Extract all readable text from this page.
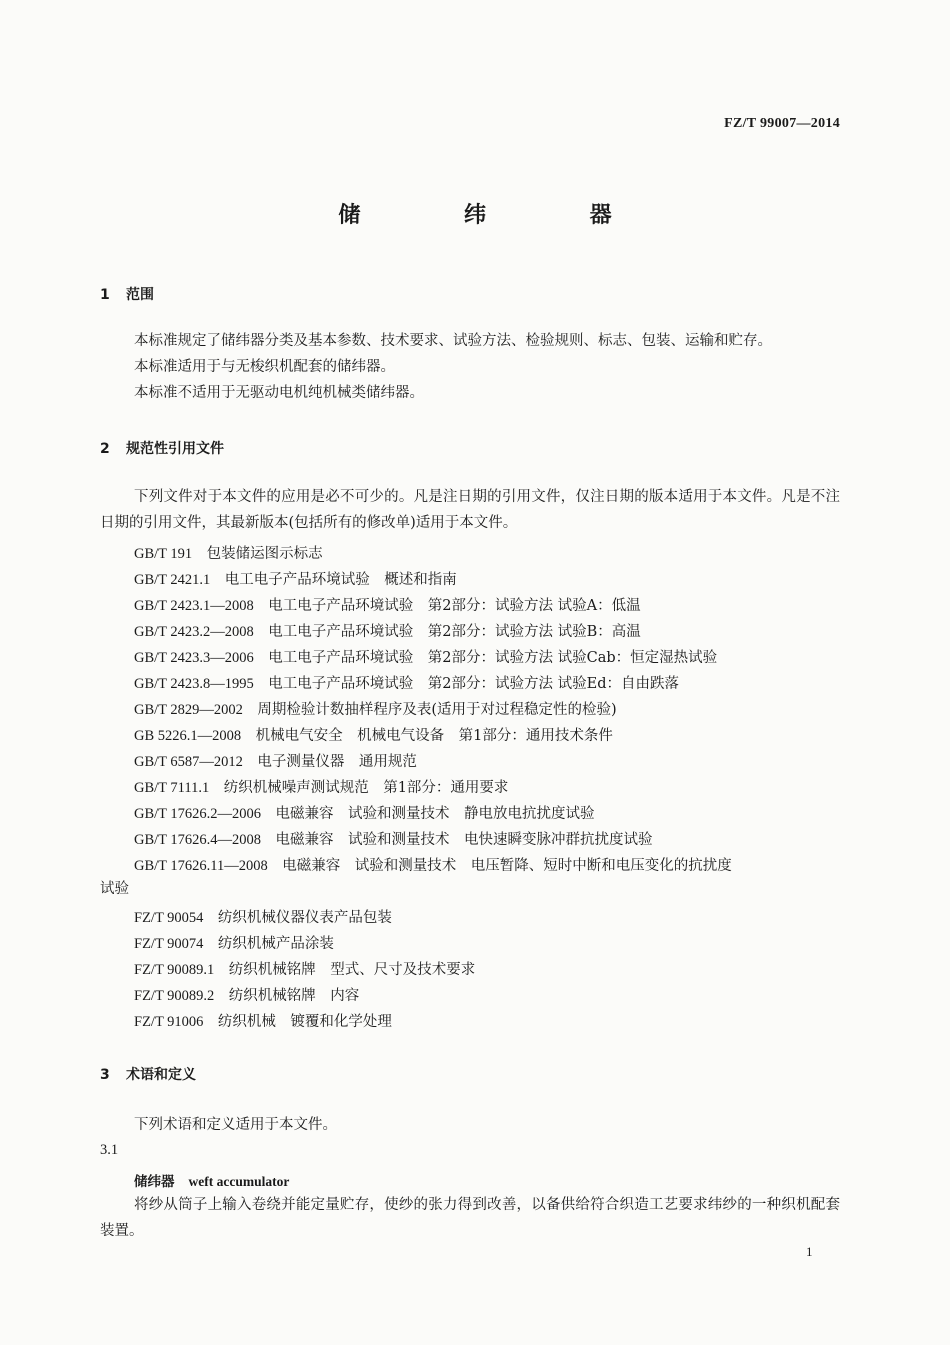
FZ/T 99007—2014
储 纬 器
1 范围
本标准规定了储纬器分类及基本参数、技术要求、试验方法、检验规则、标志、包装、运输和贮存。
本标准适用于与无梭织机配套的储纬器。
本标准不适用于无驱动电机纯机械类储纬器。
2 规范性引用文件
下列文件对于本文件的应用是必不可少的。凡是注日期的引用文件，仅注日期的版本适用于本文件。凡是不注日期的引用文件，其最新版本(包括所有的修改单)适用于本文件。
GB/T 191　 包装储运图示标志
GB/T 2421.1　 电工电子产品环境试验　概述和指南
GB/T 2423.1—2008　 电工电子产品环境试验　第2部分：试验方法 试验A：低温
GB/T 2423.2—2008　 电工电子产品环境试验　第2部分：试验方法 试验B：高温
GB/T 2423.3—2006　 电工电子产品环境试验　第2部分：试验方法 试验Cab：恒定湿热试验
GB/T 2423.8—1995　 电工电子产品环境试验　第2部分：试验方法 试验Ed：自由跌落
GB/T 2829—2002　 周期检验计数抽样程序及表(适用于对过程稳定性的检验)
GB 5226.1—2008　 机械电气安全　机械电气设备　第1部分：通用技术条件
GB/T 6587—2012　 电子测量仪器　通用规范
GB/T 7111.1　 纺织机械噪声测试规范　第1部分：通用要求
GB/T 17626.2—2006　 电磁兼容　试验和测量技术　静电放电抗扰度试验
GB/T 17626.4—2008　 电磁兼容　试验和测量技术　电快速瞬变脉冲群抗扰度试验
GB/T 17626.11—2008　 电磁兼容　试验和测量技术　电压暂降、短时中断和电压变化的抗扰度
试验
FZ/T 90054　 纺织机械仪器仪表产品包装
FZ/T 90074　 纺织机械产品涂装
FZ/T 90089.1　 纺织机械铭牌　型式、尺寸及技术要求
FZ/T 90089.2　 纺织机械铭牌　内容
FZ/T 91006　 纺织机械　镀覆和化学处理
3 术语和定义
下列术语和定义适用于本文件。
3.1
储纬器 weft accumulator
将纱从筒子上输入卷绕并能定量贮存，使纱的张力得到改善，以备供给符合织造工艺要求纬纱的一种织机配套装置。
1
